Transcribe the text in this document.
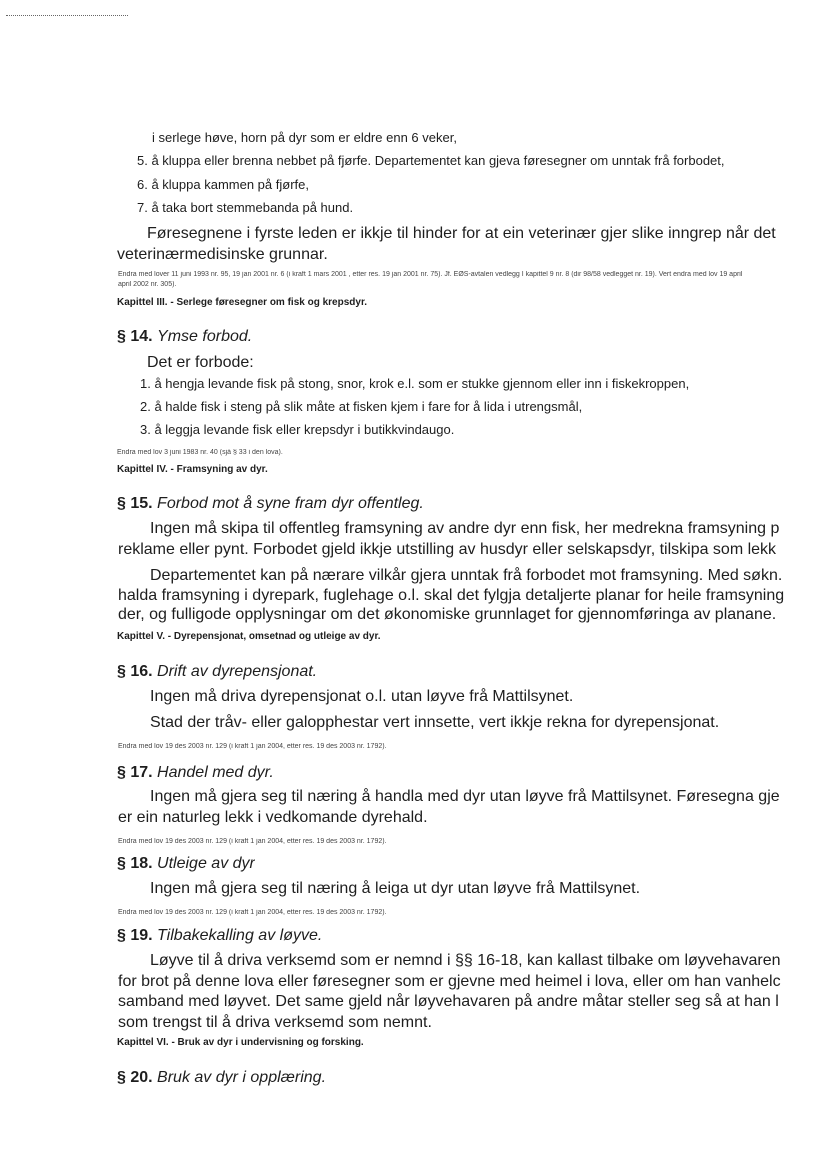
i serlege høve, horn på dyr som er eldre enn 6 veker,
5. å kluppa eller brenna nebbet på fjørfe. Departementet kan gjeva føresegner om unntak frå forbodet,
6. å kluppa kammen på fjørfe,
7. å taka bort stemmebanda på hund.
Føresegnene i fyrste leden er ikkje til hinder for at ein veterinær gjer slike inngrep når det
veterinærmedisinske grunnar.
Endra med lover 11 juni 1993 nr. 95, 19 jan 2001 nr. 6 (i kraft 1 mars 2001 , etter res. 19 jan 2001 nr. 75). Jf. EØS-avtalen vedlegg I kapittel 9 nr. 8 (dir 98/58 vedlegget nr. 19). Vert endra med lov 19 april
april 2002 nr. 305).
Kapittel III. - Serlege føresegner om fisk og krepsdyr.
§ 14. Ymse forbod.
Det er forbode:
1. å hengja levande fisk på stong, snor, krok e.l. som er stukke gjennom eller inn i fiskekroppen,
2. å halde fisk i steng på slik måte at fisken kjem i fare for å lida i utrengsmål,
3. å leggja levande fisk eller krepsdyr i butikkvindaugo.
Endra med lov 3 juni 1983 nr. 40 (sjå § 33 i den lova).
Kapittel IV. - Framsyning av dyr.
§ 15. Forbod mot å syne fram dyr offentleg.
Ingen må skipa til offentleg framsyning av andre dyr enn fisk, her medrekna framsyning p
reklame eller pynt. Forbodet gjeld ikkje utstilling av husdyr eller selskapsdyr, tilskipa som lekk
Departementet kan på nærare vilkår gjera unntak frå forbodet mot framsyning. Med søkn.
halda framsyning i dyrepark, fuglehage o.l. skal det fylgja detaljerte planar for heile framsyning
der, og fulligode opplysningar om det økonomiske grunnlaget for gjennomføringa av planane.
Kapittel V. - Dyrepensjonat, omsetnad og utleige av dyr.
§ 16. Drift av dyrepensjonat.
Ingen må driva dyrepensjonat o.l. utan løyve frå Mattilsynet.
Stad der tråv- eller galopphestar vert innsette, vert ikkje rekna for dyrepensjonat.
Endra med lov 19 des 2003 nr. 129 (i kraft 1 jan 2004, etter res. 19 des 2003 nr. 1792).
§ 17. Handel med dyr.
Ingen må gjera seg til næring å handla med dyr utan løyve frå Mattilsynet. Føresegna gje
er ein naturleg lekk i vedkomande dyrehald.
Endra med lov 19 des 2003 nr. 129 (i kraft 1 jan 2004, etter res. 19 des 2003 nr. 1792).
§ 18. Utleige av dyr
Ingen må gjera seg til næring å leiga ut dyr utan løyve frå Mattilsynet.
Endra med lov 19 des 2003 nr. 129 (i kraft 1 jan 2004, etter res. 19 des 2003 nr. 1792).
§ 19. Tilbakekalling av løyve.
Løyve til å driva verksemd som er nemnd i §§ 16-18, kan kallast tilbake om løyvehavaren
for brot på denne lova eller føresegner som er gjevne med heimel i lova, eller om han vanhelc
samband med løyvet. Det same gjeld når løyvehavaren på andre måtar steller seg så at han l
som trengst til å driva verksemd som nemnt.
Kapittel VI. - Bruk av dyr i undervisning og forsking.
§ 20. Bruk av dyr i opplæring.
